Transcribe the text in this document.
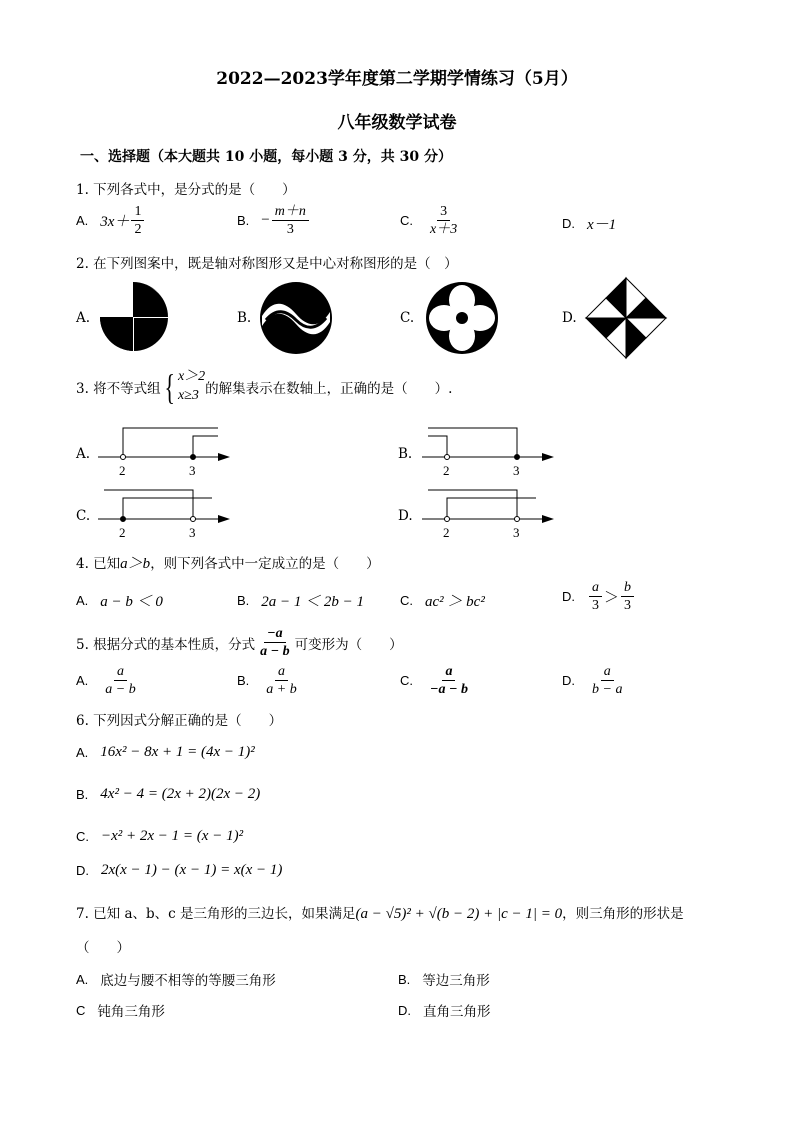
2022—2023学年度第二学期学情练习（5月）
八年级数学试卷
一、选择题（本大题共 10 小题，每小题 3 分，共 30 分）
1. 下列各式中，是分式的是（　　）
A. $3x+ \frac{1}{2}$	B. − $\frac{m+n}{3}$	C. $\frac{3}{x+3}$	D. x－1
2. 在下列图案中，既是轴对称图形又是中心对称图形的是（　）
A.	B.	C.	D.
3. 将不等式组 { x＞2
x≥3 的解集表示在数轴上，正确的是（　　）.
A.	B.
C.	D.
2	3	2	3
2	3	2	3
4. 已知a＞b，则下列各式中一定成立的是（　　）
A. a − b ＜ 0	B. 2a − 1 ＜ 2b − 1	C. ac² ＞ bc²	D. $\frac{a}{3} > \frac{b}{3}$
5. 根据分式的基本性质，分式 $\frac{-a}{a - b}$ 可变形为（　　）
A. $\frac{a}{a - b}$	B. $\frac{a}{a + b}$	C. $\frac{a}{-a - b}$	D. $\frac{a}{b - a}$
6. 下列因式分解正确的是（　　）
A. 16x² − 8x + 1 = (4x − 1)²
B. 4x² − 4 = (2x + 2)(2x − 2)
C. −x² + 2x − 1 = (x − 1)²
D. 2x(x − 1) − (x − 1) = x(x − 1)
7. 已知 a、b、c 是三角形的三边长，如果满足(a − √5)² + √(b − 2) + |c − 1| = 0，则三角形的形状是
（　　）
A. 底边与腰不相等的等腰三角形	B. 等边三角形
C 钝角三角形	D. 直角三角形
